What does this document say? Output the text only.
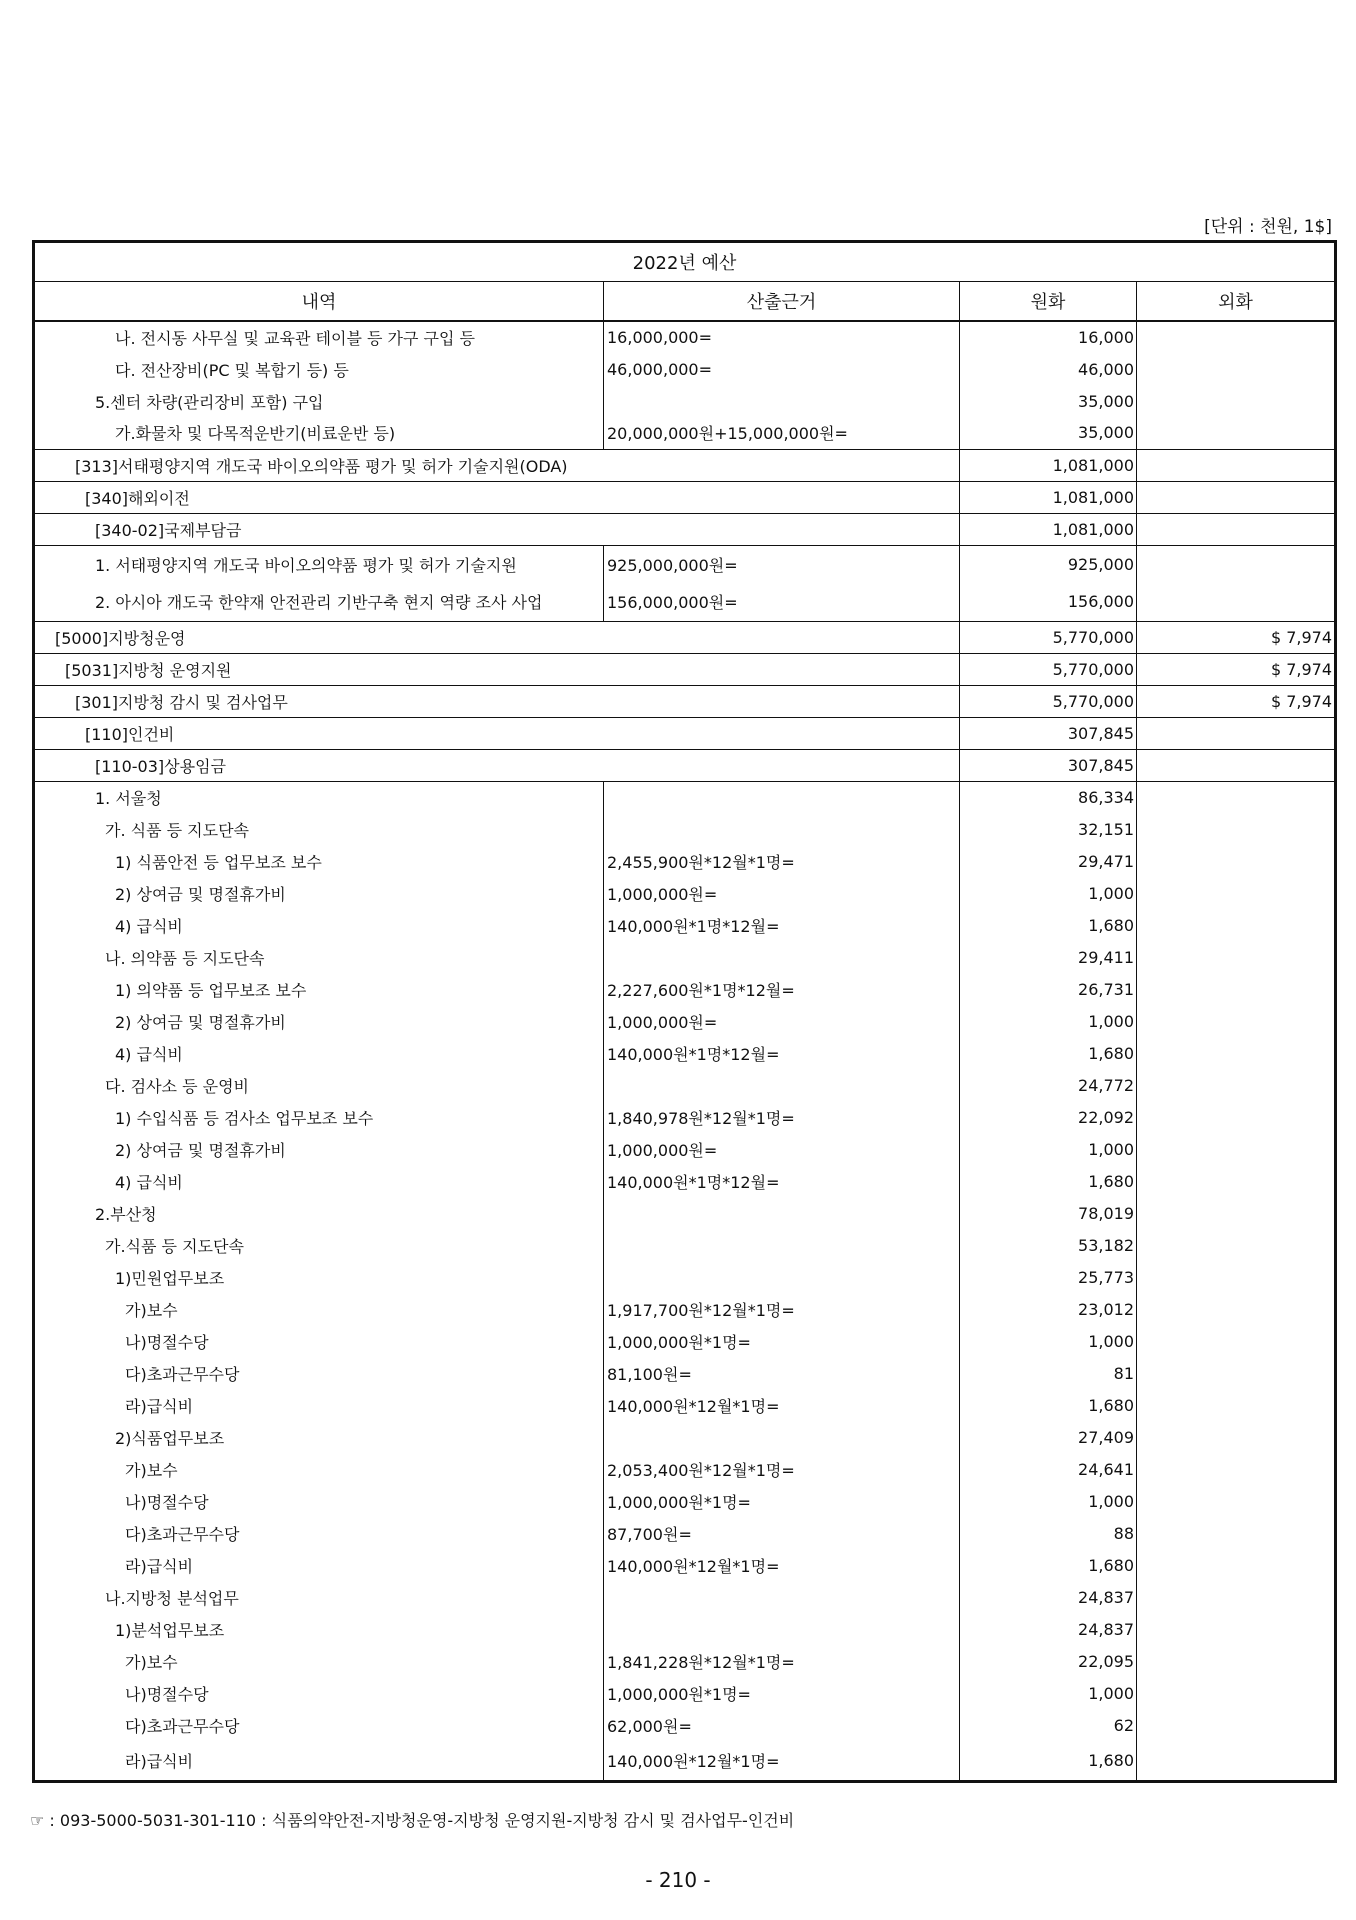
[단위 : 천원, 1$]
2022년 예산			
내역	산출근거	원화	외화
나. 전시동 사무실 및 교육관 테이블 등 가구 구입 등	16,000,000=	16,000	
다. 전산장비(PC 및 복합기 등) 등	46,000,000=	46,000	
5.센터 차량(관리장비 포함) 구입		35,000	
가.화물차 및 다목적운반기(비료운반 등)	20,000,000원+15,000,000원=	35,000	
[313]서태평양지역 개도국 바이오의약품 평가 및 허가 기술지원(ODA)		1,081,000	
[340]해외이전		1,081,000	
[340-02]국제부담금		1,081,000	
1. 서태평양지역 개도국 바이오의약품 평가 및 허가 기술지원	925,000,000원=	925,000	
2. 아시아 개도국 한약재 안전관리 기반구축 현지 역량 조사 사업	156,000,000원=	156,000	
[5000]지방청운영		5,770,000	$ 7,974
[5031]지방청 운영지원		5,770,000	$ 7,974
[301]지방청 감시 및 검사업무		5,770,000	$ 7,974
[110]인건비		307,845	
[110-03]상용임금		307,845	
1. 서울청		86,334	
가. 식품 등 지도단속		32,151	
1) 식품안전 등 업무보조 보수	2,455,900원*12월*1명=	29,471	
2) 상여금 및 명절휴가비	1,000,000원=	1,000	
4) 급식비	140,000원*1명*12월=	1,680	
나. 의약품 등 지도단속		29,411	
1) 의약품 등 업무보조 보수	2,227,600원*1명*12월=	26,731	
2) 상여금 및 명절휴가비	1,000,000원=	1,000	
4) 급식비	140,000원*1명*12월=	1,680	
다. 검사소 등 운영비		24,772	
1) 수입식품 등 검사소 업무보조 보수	1,840,978원*12월*1명=	22,092	
2) 상여금 및 명절휴가비	1,000,000원=	1,000	
4) 급식비	140,000원*1명*12월=	1,680	
2.부산청		78,019	
가.식품 등 지도단속		53,182	
1)민원업무보조		25,773	
가)보수	1,917,700원*12월*1명=	23,012	
나)명절수당	1,000,000원*1명=	1,000	
다)초과근무수당	81,100원=	81	
라)급식비	140,000원*12월*1명=	1,680	
2)식품업무보조		27,409	
가)보수	2,053,400원*12월*1명=	24,641	
나)명절수당	1,000,000원*1명=	1,000	
다)초과근무수당	87,700원=	88	
라)급식비	140,000원*12월*1명=	1,680	
나.지방청 분석업무		24,837	
1)분석업무보조		24,837	
가)보수	1,841,228원*12월*1명=	22,095	
나)명절수당	1,000,000원*1명=	1,000	
다)초과근무수당	62,000원=	62	
라)급식비	140,000원*12월*1명=	1,680	
☞ : 093-5000-5031-301-110 : 식품의약안전-지방청운영-지방청 운영지원-지방청 감시 및 검사업무-인건비
- 210 -
